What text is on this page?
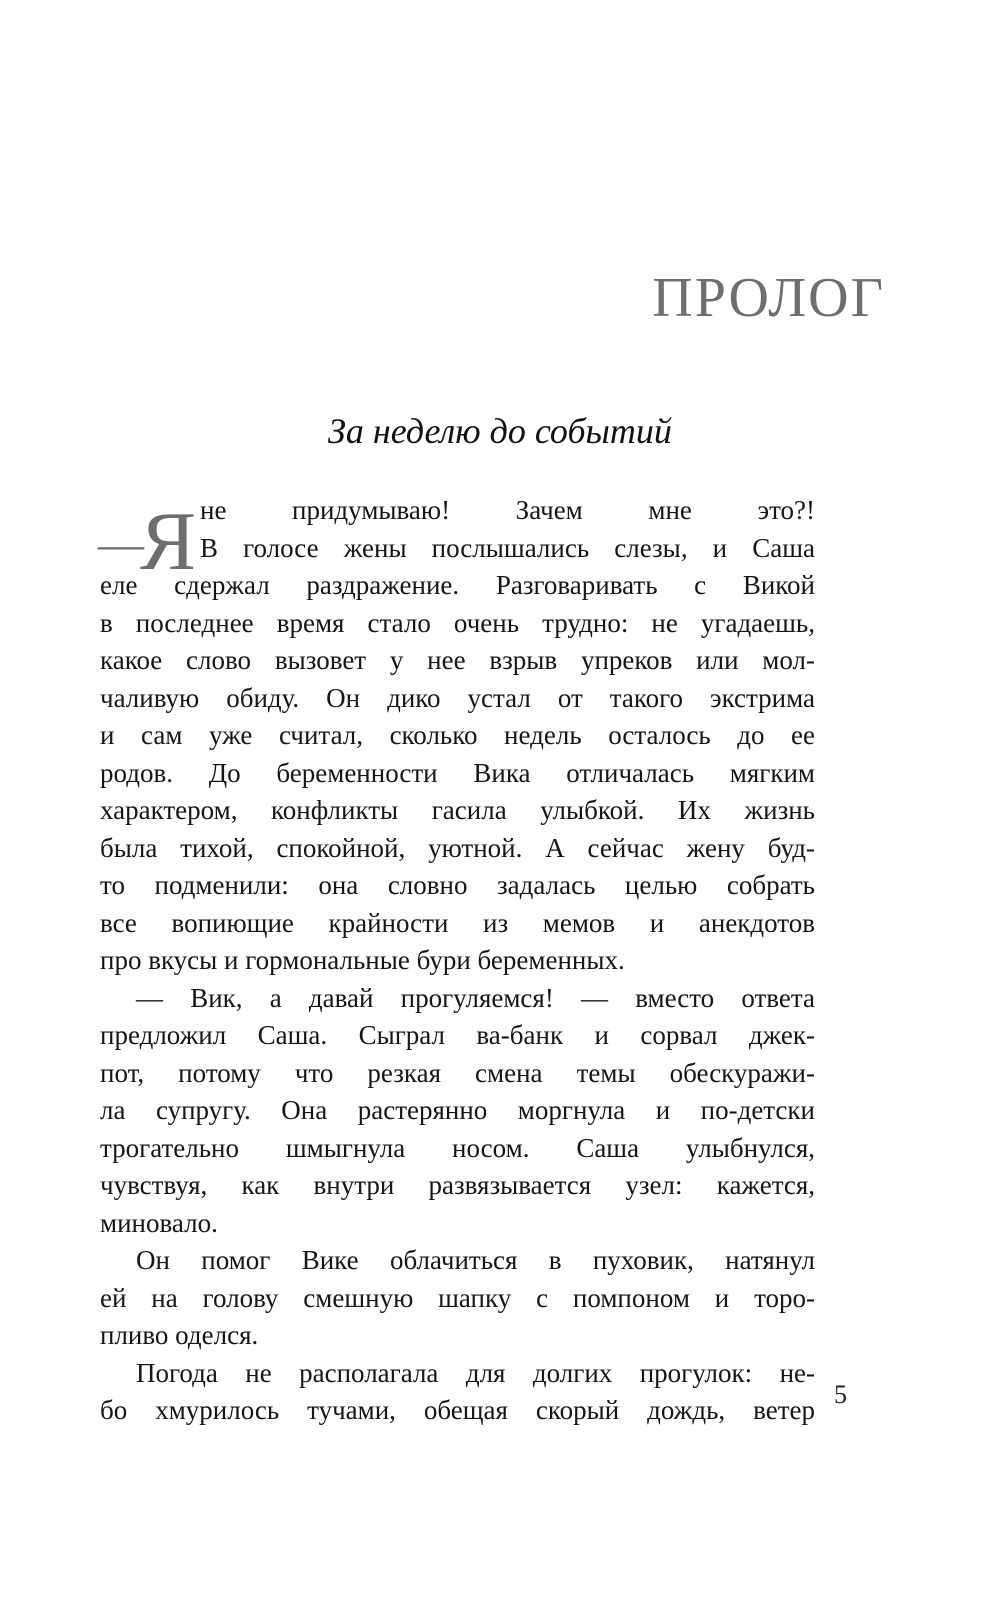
ПРОЛОГ
За неделю до событий
—
Я не придумываю! Зачем мне это?!
В голосе жены послышались слезы, и Саша
еле сдержал раздражение. Разговаривать с Викой
в последнее время стало очень трудно: не угадаешь,
какое слово вызовет у нее взрыв упреков или мол-
чаливую обиду. Он дико устал от такого экстрима
и сам уже считал, сколько недель осталось до ее
родов. До беременности Вика отличалась мягким
характером, конфликты гасила улыбкой. Их жизнь
была тихой, спокойной, уютной. А сейчас жену буд-
то подменили: она словно задалась целью собрать
все вопиющие крайности из мемов и анекдотов
про вкусы и гормональные бури беременных.
— Вик, а давай прогуляемся! — вместо ответа
предложил Саша. Сыграл ва-банк и сорвал джек-
пот, потому что резкая смена темы обескуражи-
ла супругу. Она растерянно моргнула и по-детски
трогательно шмыгнула носом. Саша улыбнулся,
чувствуя, как внутри развязывается узел: кажется,
миновало.
Он помог Вике облачиться в пуховик, натянул
ей на голову смешную шапку с помпоном и торо-
пливо оделся.
Погода не располагала для долгих прогулок: не-
бо хмурилось тучами, обещая скорый дождь, ветер
5
